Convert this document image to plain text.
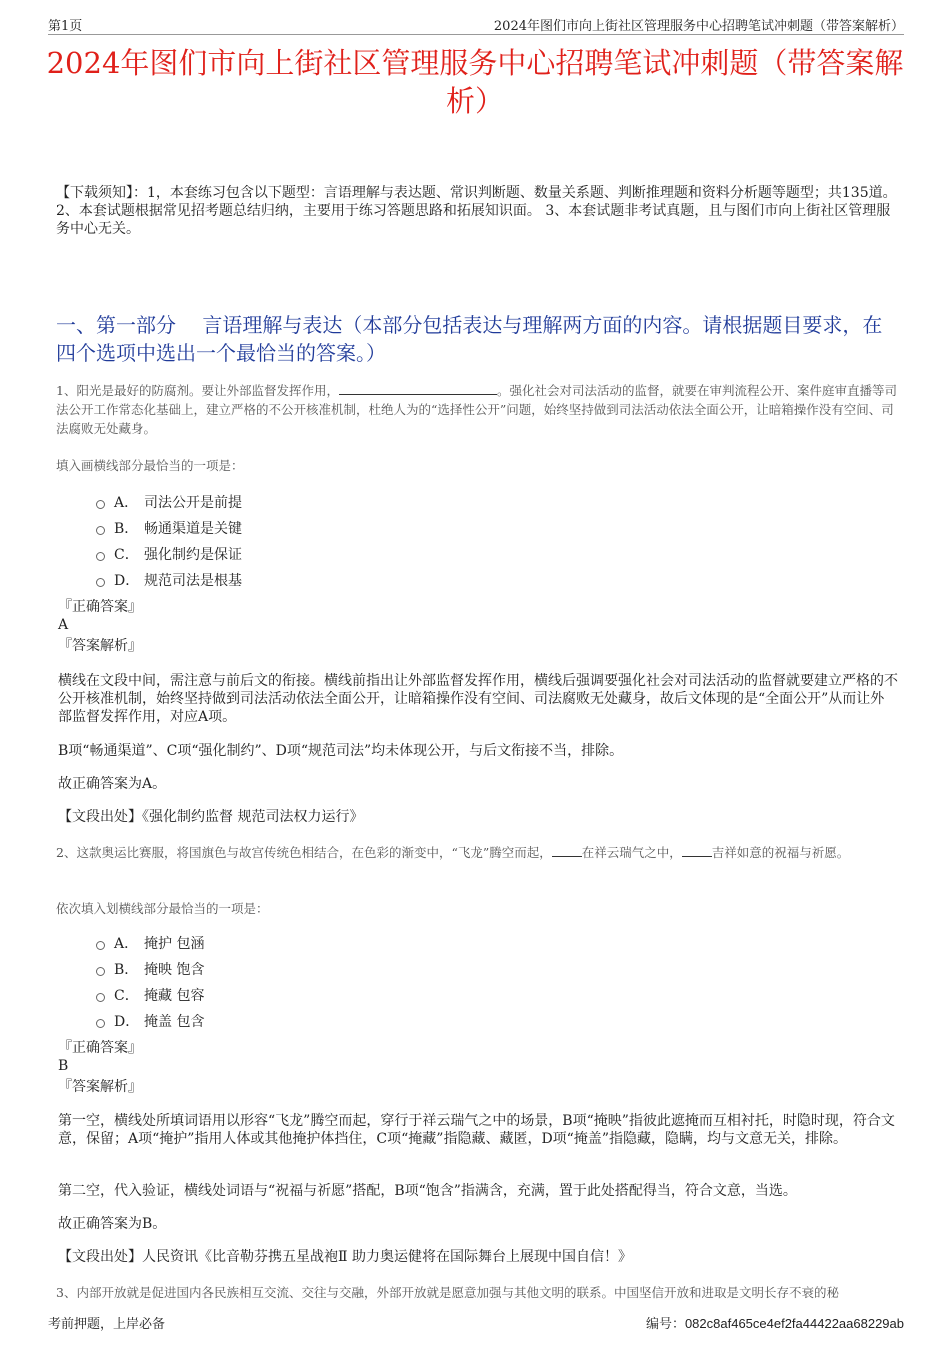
第1页	2024年图们市向上街社区管理服务中心招聘笔试冲刺题（带答案解析）
2024年图们市向上街社区管理服务中心招聘笔试冲刺题（带答案解析）
【下载须知】：1，本套练习包含以下题型：言语理解与表达题、常识判断题、数量关系题、判断推理题和资料分析题等题型；共135道。 2、本套试题根据常见招考题总结归纳，主要用于练习答题思路和拓展知识面。 3、本套试题非考试真题，且与图们市向上街社区管理服务中心无关。
一、第一部分　 言语理解与表达（本部分包括表达与理解两方面的内容。请根据题目要求，在四个选项中选出一个最恰当的答案。）
1、阳光是最好的防腐剂。要让外部监督发挥作用，	。强化社会对司法活动的监督，就要在审判流程公开、案件庭审直播等司法公开工作常态化基础上，建立严格的不公开核准机制，杜绝人为的“选择性公开”问题，始终坚持做到司法活动依法全面公开，让暗箱操作没有空间、司法腐败无处藏身。
填入画横线部分最恰当的一项是：
A． 司法公开是前提
B． 畅通渠道是关键
C． 强化制约是保证
D． 规范司法是根基
『正确答案』
A
『答案解析』
横线在文段中间，需注意与前后文的衔接。横线前指出让外部监督发挥作用，横线后强调要强化社会对司法活动的监督就要建立严格的不公开核准机制，始终坚持做到司法活动依法全面公开，让暗箱操作没有空间、司法腐败无处藏身，故后文体现的是“全面公开”从而让外部监督发挥作用，对应A项。
B项“畅通渠道”、C项“强化制约”、D项“规范司法”均未体现公开，与后文衔接不当，排除。
故正确答案为A。
【文段出处】《强化制约监督 规范司法权力运行》
2、这款奥运比赛服，将国旗色与故宫传统色相结合，在色彩的渐变中，“飞龙”腾空而起， 在祥云瑞气之中， 吉祥如意的祝福与祈愿。
依次填入划横线部分最恰当的一项是：
A． 掩护 包涵
B． 掩映 饱含
C． 掩藏 包容
D． 掩盖 包含
『正确答案』
B
『答案解析』
第一空，横线处所填词语用以形容“飞龙”腾空而起，穿行于祥云瑞气之中的场景，B项“掩映”指彼此遮掩而互相衬托，时隐时现，符合文意，保留；A项“掩护”指用人体或其他掩护体挡住，C项“掩藏”指隐藏、藏匿，D项“掩盖”指隐藏，隐瞒，均与文意无关，排除。
第二空，代入验证，横线处词语与“祝福与祈愿”搭配，B项“饱含”指满含，充满，置于此处搭配得当，符合文意，当选。
故正确答案为B。
【文段出处】人民资讯《比音勒芬携五星战袍Ⅱ 助力奥运健将在国际舞台上展现中国自信！》
3、内部开放就是促进国内各民族相互交流、交往与交融，外部开放就是愿意加强与其他文明的联系。中国坚信开放和进取是文明长存不衰的秘
考前押题，上岸必备	编号：082c8af465ce4ef2fa44422aa68229ab
